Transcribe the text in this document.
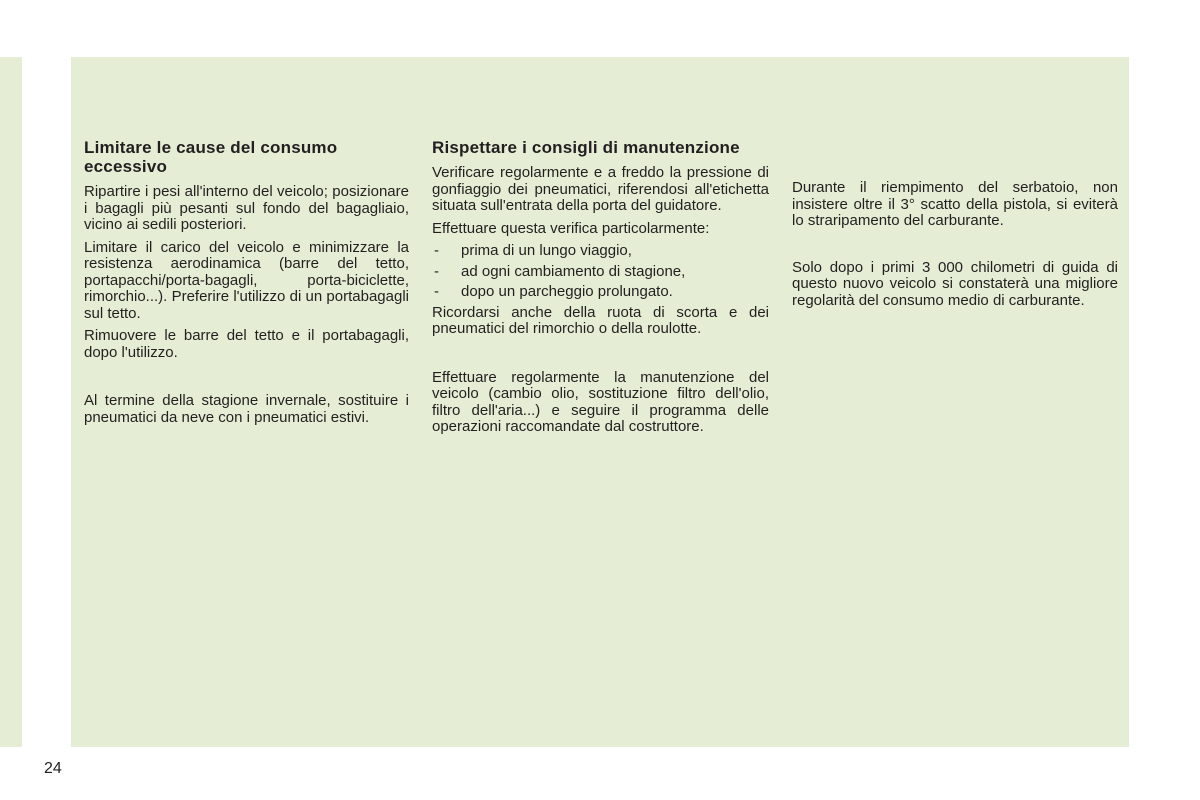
Limitare le cause del consumo eccessivo

Ripartire i pesi all'interno del veicolo; posizionare i bagagli più pesanti sul fondo del bagagliaio, vicino ai sedili posteriori.

Limitare il carico del veicolo e minimizzare la resistenza aerodinamica (barre del tetto, portapacchi/porta-bagagli, porta-biciclette, rimorchio...). Preferire l'utilizzo di un portabagagli sul tetto.

Rimuovere le barre del tetto e il portabagagli, dopo l'utilizzo.

Al termine della stagione invernale, sostituire i pneumatici da neve con i pneumatici estivi.

Rispettare i consigli di manutenzione

Verificare regolarmente e a freddo la pressione di gonfiaggio dei pneumatici, riferendosi all'etichetta situata sull'entrata della porta del guidatore.

Effettuare questa verifica particolarmente:

- prima di un lungo viaggio,
- ad ogni cambiamento di stagione,
- dopo un parcheggio prolungato.

Ricordarsi anche della ruota di scorta e dei pneumatici del rimorchio o della roulotte.

Effettuare regolarmente la manutenzione del veicolo (cambio olio, sostituzione filtro dell'olio, filtro dell'aria...) e seguire il programma delle operazioni raccomandate dal costruttore.

Durante il riempimento del serbatoio, non insistere oltre il 3° scatto della pistola, si eviterà lo straripamento del carburante.

Solo dopo i primi 3 000 chilometri di guida di questo nuovo veicolo si constaterà una migliore regolarità del consumo medio di carburante.

24
